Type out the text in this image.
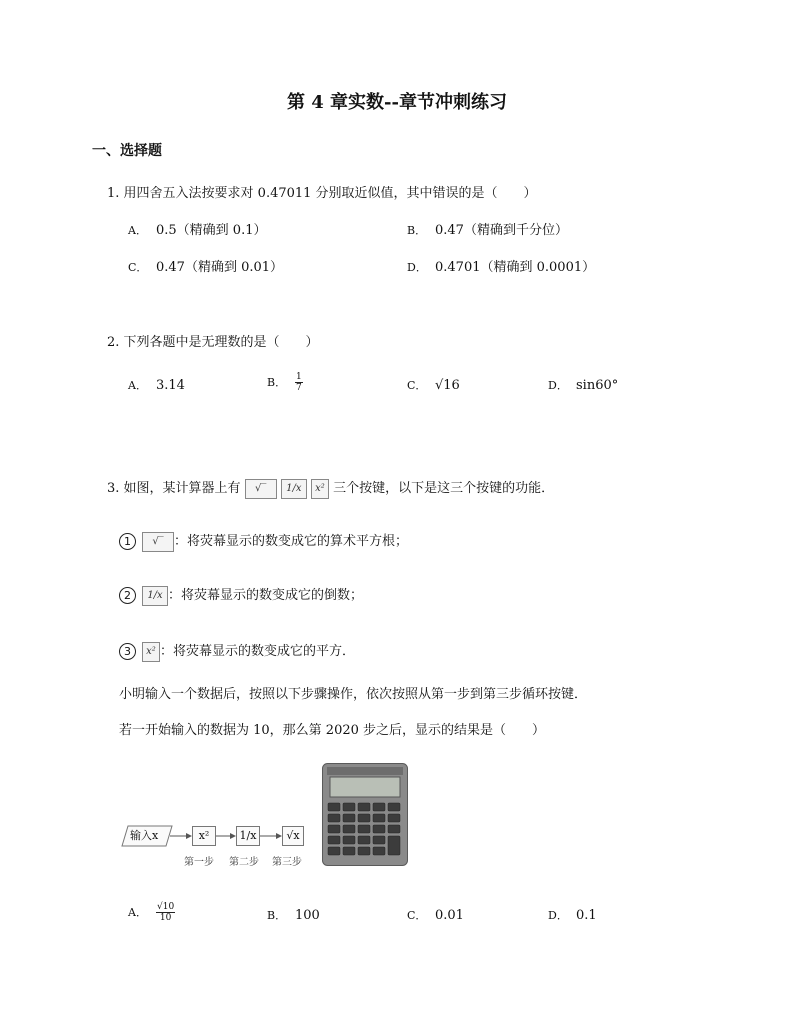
第 4 章实数--章节冲刺练习
一、选择题
1. 用四舍五入法按要求对 0.47011 分别取近似值，其中错误的是（　　）
A． 0.5（精确到 0.1）	B． 0.47（精确到千分位）
C． 0.47（精确到 0.01）	D． 0.4701（精确到 0.0001）
2. 下列各题中是无理数的是（　　）
A． 3.14	B． $\frac{1}{7}$	C． √16	D． sin60°
3. 如图，某计算器上有 √‾ 1/x x² 三个按键，以下是这三个按键的功能．
1 √‾ ：将荧幕显示的数变成它的算术平方根；
2 1/x ：将荧幕显示的数变成它的倒数；
3 x² ：将荧幕显示的数变成它的平方．
小明输入一个数据后，按照以下步骤操作，依次按照从第一步到第三步循环按键．
若一开始输入的数据为 10，那么第 2020 步之后，显示的结果是（　　）
输入x	x²	1/x	√x
第一步 第二步 第三步
A． $\frac{√10}{10}$	B． 100	C． 0.01	D． 0.1
